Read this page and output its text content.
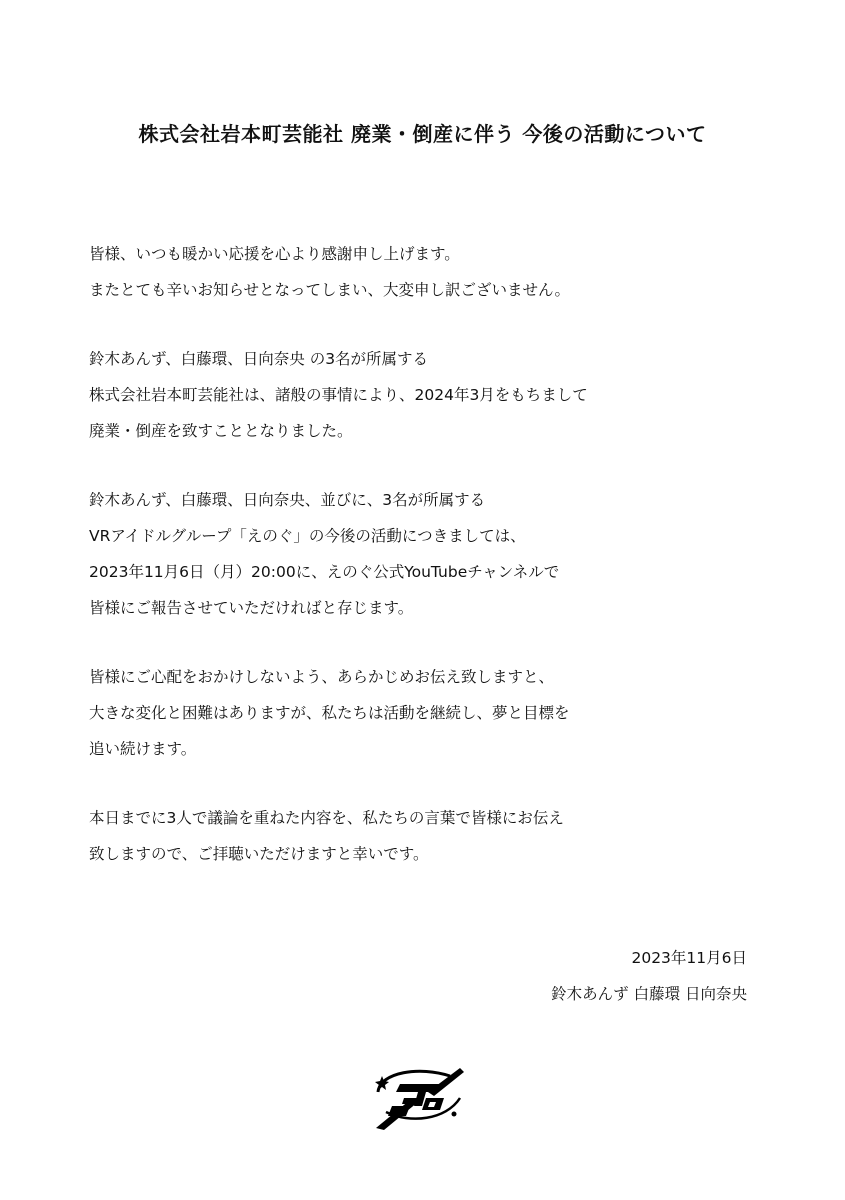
株式会社岩本町芸能社 廃業・倒産に伴う 今後の活動について
皆様、いつも暖かい応援を心より感謝申し上げます。
またとても辛いお知らせとなってしまい、大変申し訳ございません。
鈴木あんず、白藤環、日向奈央 の3名が所属する
株式会社岩本町芸能社は、諸般の事情により、2024年3月をもちまして
廃業・倒産を致すこととなりました。
鈴木あんず、白藤環、日向奈央、並びに、3名が所属する
VRアイドルグループ「えのぐ」の今後の活動につきましては、
2023年11月6日（月）20:00に、えのぐ公式YouTubeチャンネルで
皆様にご報告させていただければと存じます。
皆様にご心配をおかけしないよう、あらかじめお伝え致しますと、
大きな変化と困難はありますが、私たちは活動を継続し、夢と目標を
追い続けます。
本日までに3人で議論を重ねた内容を、私たちの言葉で皆様にお伝え
致しますので、ご拝聴いただけますと幸いです。
2023年11月6日
鈴木あんず 白藤環 日向奈央
